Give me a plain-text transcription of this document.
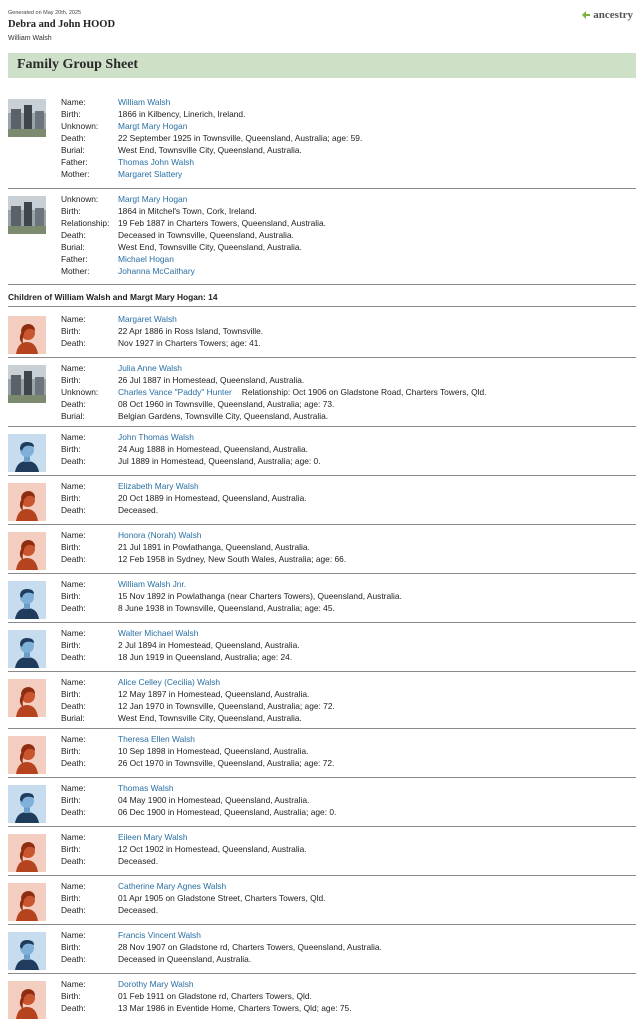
Generated on May 20th, 2025
Debra and John HOOD
William Walsh
ancestry
Family Group Sheet
Name:	William Walsh
Birth:	1866 in Kilbency, Linerich, Ireland.
Unknown:	Margt Mary Hogan
Death:	22 September 1925 in Townsville, Queensland, Australia; age: 59.
Burial:	West End, Townsville City, Queensland, Australia.
Father:	Thomas John Walsh
Mother:	Margaret Slattery
Unknown:	Margt Mary Hogan
Birth:	1864 in Mitchel's Town, Cork, Ireland.
Relationship:	19 Feb 1887 in Charters Towers, Queensland, Australia.
Death:	Deceased in Townsville, Queensland, Australia.
Burial:	West End, Townsville City, Queensland, Australia.
Father:	Michael Hogan
Mother:	Johanna McCaithary
Children of William Walsh and Margt Mary Hogan: 14
Name:	Margaret Walsh
Birth:	22 Apr 1886 in Ross Island, Townsville.
Death:	Nov 1927 in Charters Towers; age: 41.
Name:	Julia Anne Walsh
Birth:	26 Jul 1887 in Homestead, Queensland, Australia.
Unknown:	Charles Vance "Paddy" Hunter Relationship: Oct 1906 on Gladstone Road, Charters Towers, Qld.
Death:	08 Oct 1960 in Townsville, Queensland, Australia; age: 73.
Burial:	Belgian Gardens, Townsville City, Queensland, Australia.
Name:	John Thomas Walsh
Birth:	24 Aug 1888 in Homestead, Queensland, Australia.
Death:	Jul 1889 in Homestead, Queensland, Australia; age: 0.
Name:	Elizabeth Mary Walsh
Birth:	20 Oct 1889 in Homestead, Queensland, Australia.
Death:	Deceased.
Name:	Honora (Norah) Walsh
Birth:	21 Jul 1891 in Powlathanga, Queensland, Australia.
Death:	12 Feb 1958 in Sydney, New South Wales, Australia; age: 66.
Name:	William Walsh Jnr.
Birth:	15 Nov 1892 in Powlathanga (near Charters Towers), Queensland, Australia.
Death:	8 June 1938 in Townsville, Queensland, Australia; age: 45.
Name:	Walter Michael Walsh
Birth:	2 Jul 1894 in Homestead, Queensland, Australia.
Death:	18 Jun 1919 in Queensland, Australia; age: 24.
Name:	Alice Celley (Cecilia) Walsh
Birth:	12 May 1897 in Homestead, Queensland, Australia.
Death:	12 Jan 1970 in Townsville, Queensland, Australia; age: 72.
Burial:	West End, Townsville City, Queensland, Australia.
Name:	Theresa Ellen Walsh
Birth:	10 Sep 1898 in Homestead, Queensland, Australia.
Death:	26 Oct 1970 in Townsville, Queensland, Australia; age: 72.
Name:	Thomas Walsh
Birth:	04 May 1900 in Homestead, Queensland, Australia.
Death:	06 Dec 1900 in Homestead, Queensland, Australia; age: 0.
Name:	Eileen Mary Walsh
Birth:	12 Oct 1902 in Homestead, Queensland, Australia.
Death:	Deceased.
Name:	Catherine Mary Agnes Walsh
Birth:	01 Apr 1905 on Gladstone Street, Charters Towers, Qld.
Death:	Deceased.
Name:	Francis Vincent Walsh
Birth:	28 Nov 1907 on Gladstone rd, Charters Towers, Queensland, Australia.
Death:	Deceased in Queensland, Australia.
Name:	Dorothy Mary Walsh
Birth:	01 Feb 1911 on Gladstone rd, Charters Towers, Qld.
Death:	13 Mar 1986 in Eventide Home, Charters Towers, Qld; age: 75.
